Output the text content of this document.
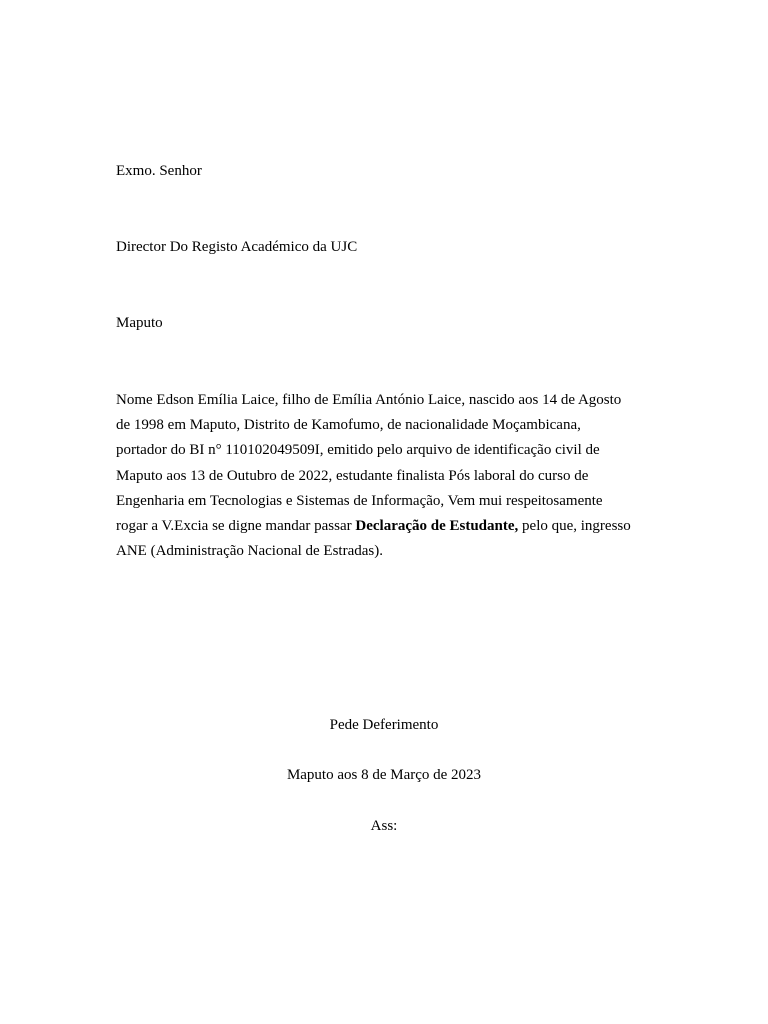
Exmo. Senhor
Director Do Registo Académico da UJC
Maputo
Nome Edson Emília Laice, filho de Emília António Laice, nascido aos 14 de Agosto
de 1998 em Maputo, Distrito de Kamofumo, de nacionalidade Moçambicana,
portador do BI n° 110102049509I, emitido pelo arquivo de identificação civil de
Maputo aos 13 de Outubro de 2022, estudante finalista Pós laboral do curso de
Engenharia em Tecnologias e Sistemas de Informação, Vem mui respeitosamente
rogar a V.Excia se digne mandar passar Declaração de Estudante, pelo que, ingresso
ANE (Administração Nacional de Estradas).
Pede Deferimento
Maputo aos 8 de Março de 2023
Ass:
